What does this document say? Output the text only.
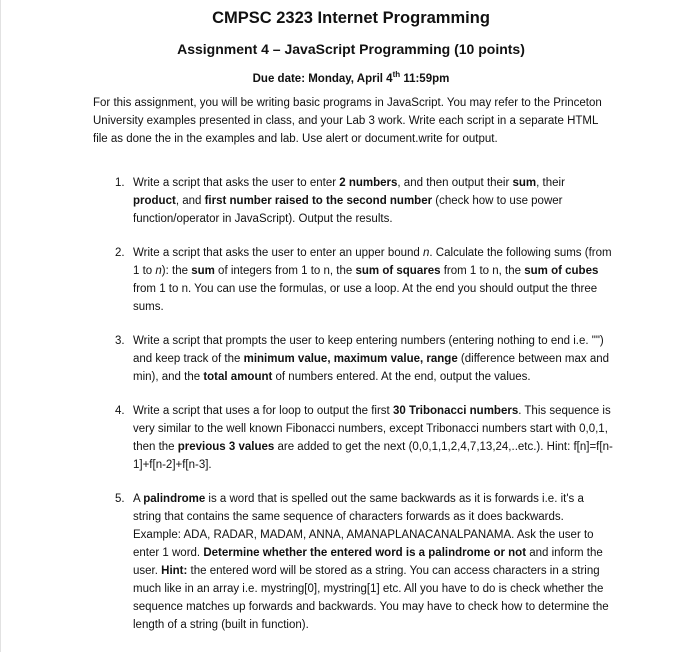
CMPSC 2323 Internet Programming
Assignment 4 – JavaScript Programming (10 points)
Due date: Monday, April 4th 11:59pm
For this assignment, you will be writing basic programs in JavaScript. You may refer to the Princeton University examples presented in class, and your Lab 3 work. Write each script in a separate HTML file as done the in the examples and lab. Use alert or document.write for output.
1. Write a script that asks the user to enter 2 numbers, and then output their sum, their product, and first number raised to the second number (check how to use power function/operator in JavaScript). Output the results.
2. Write a script that asks the user to enter an upper bound n. Calculate the following sums (from 1 to n): the sum of integers from 1 to n, the sum of squares from 1 to n, the sum of cubes from 1 to n. You can use the formulas, or use a loop. At the end you should output the three sums.
3. Write a script that prompts the user to keep entering numbers (entering nothing to end i.e. "") and keep track of the minimum value, maximum value, range (difference between max and min), and the total amount of numbers entered. At the end, output the values.
4. Write a script that uses a for loop to output the first 30 Tribonacci numbers. This sequence is very similar to the well known Fibonacci numbers, except Tribonacci numbers start with 0,0,1, then the previous 3 values are added to get the next (0,0,1,1,2,4,7,13,24,..etc.). Hint: f[n]=f[n-1]+f[n-2]+f[n-3].
5. A palindrome is a word that is spelled out the same backwards as it is forwards i.e. it's a string that contains the same sequence of characters forwards as it does backwards. Example: ADA, RADAR, MADAM, ANNA, AMANAPLANACANALPANAMA. Ask the user to enter 1 word. Determine whether the entered word is a palindrome or not and inform the user. Hint: the entered word will be stored as a string. You can access characters in a string much like in an array i.e. mystring[0], mystring[1] etc. All you have to do is check whether the sequence matches up forwards and backwards. You may have to check how to determine the length of a string (built in function).
